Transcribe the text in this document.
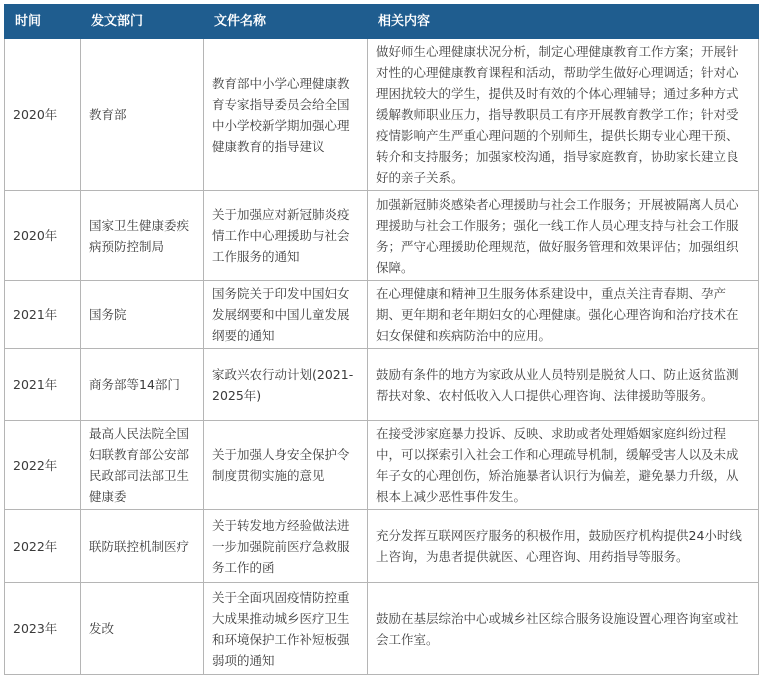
时间	发文部门	文件名称	相关内容
2020年	教育部	教育部中小学心理健康教育专家指导委员会给全国中小学校新学期加强心理健康教育的指导建议	做好师生心理健康状况分析，制定心理健康教育工作方案；开展针对性的心理健康教育课程和活动，帮助学生做好心理调适；针对心理困扰较大的学生，提供及时有效的个体心理辅导；通过多种方式缓解教师职业压力，指导教职员工有序开展教育教学工作；针对受疫情影响产生严重心理问题的个别师生，提供长期专业心理干预、转介和支持服务；加强家校沟通，指导家庭教育，协助家长建立良好的亲子关系。
2020年	国家卫生健康委疾病预防控制局	关于加强应对新冠肺炎疫情工作中心理援助与社会工作服务的通知	加强新冠肺炎感染者心理援助与社会工作服务；开展被隔离人员心理援助与社会工作服务；强化一线工作人员心理支持与社会工作服务；严守心理援助伦理规范，做好服务管理和效果评估；加强组织保障。
2021年	国务院	国务院关于印发中国妇女发展纲要和中国儿童发展纲要的通知	在心理健康和精神卫生服务体系建设中，重点关注青春期、孕产期、更年期和老年期妇女的心理健康。强化心理咨询和治疗技术在妇女保健和疾病防治中的应用。
2021年	商务部等14部门	家政兴农行动计划(2021-2025年)	鼓励有条件的地方为家政从业人员特别是脱贫人口、防止返贫监测帮扶对象、农村低收入人口提供心理咨询、法律援助等服务。
2022年	最高人民法院全国妇联教育部公安部民政部司法部卫生健康委	关于加强人身安全保护令制度贯彻实施的意见	在接受涉家庭暴力投诉、反映、求助或者处理婚姻家庭纠纷过程中，可以探索引入社会工作和心理疏导机制，缓解受害人以及未成年子女的心理创伤，矫治施暴者认识行为偏差，避免暴力升级，从根本上减少恶性事件发生。
2022年	联防联控机制医疗	关于转发地方经验做法进一步加强院前医疗急救服务工作的函	充分发挥互联网医疗服务的积极作用，鼓励医疗机构提供24小时线上咨询，为患者提供就医、心理咨询、用药指导等服务。
2023年	发改	关于全面巩固疫情防控重大成果推动城乡医疗卫生和环境保护工作补短板强弱项的通知	鼓励在基层综治中心或城乡社区综合服务设施设置心理咨询室或社会工作室。
